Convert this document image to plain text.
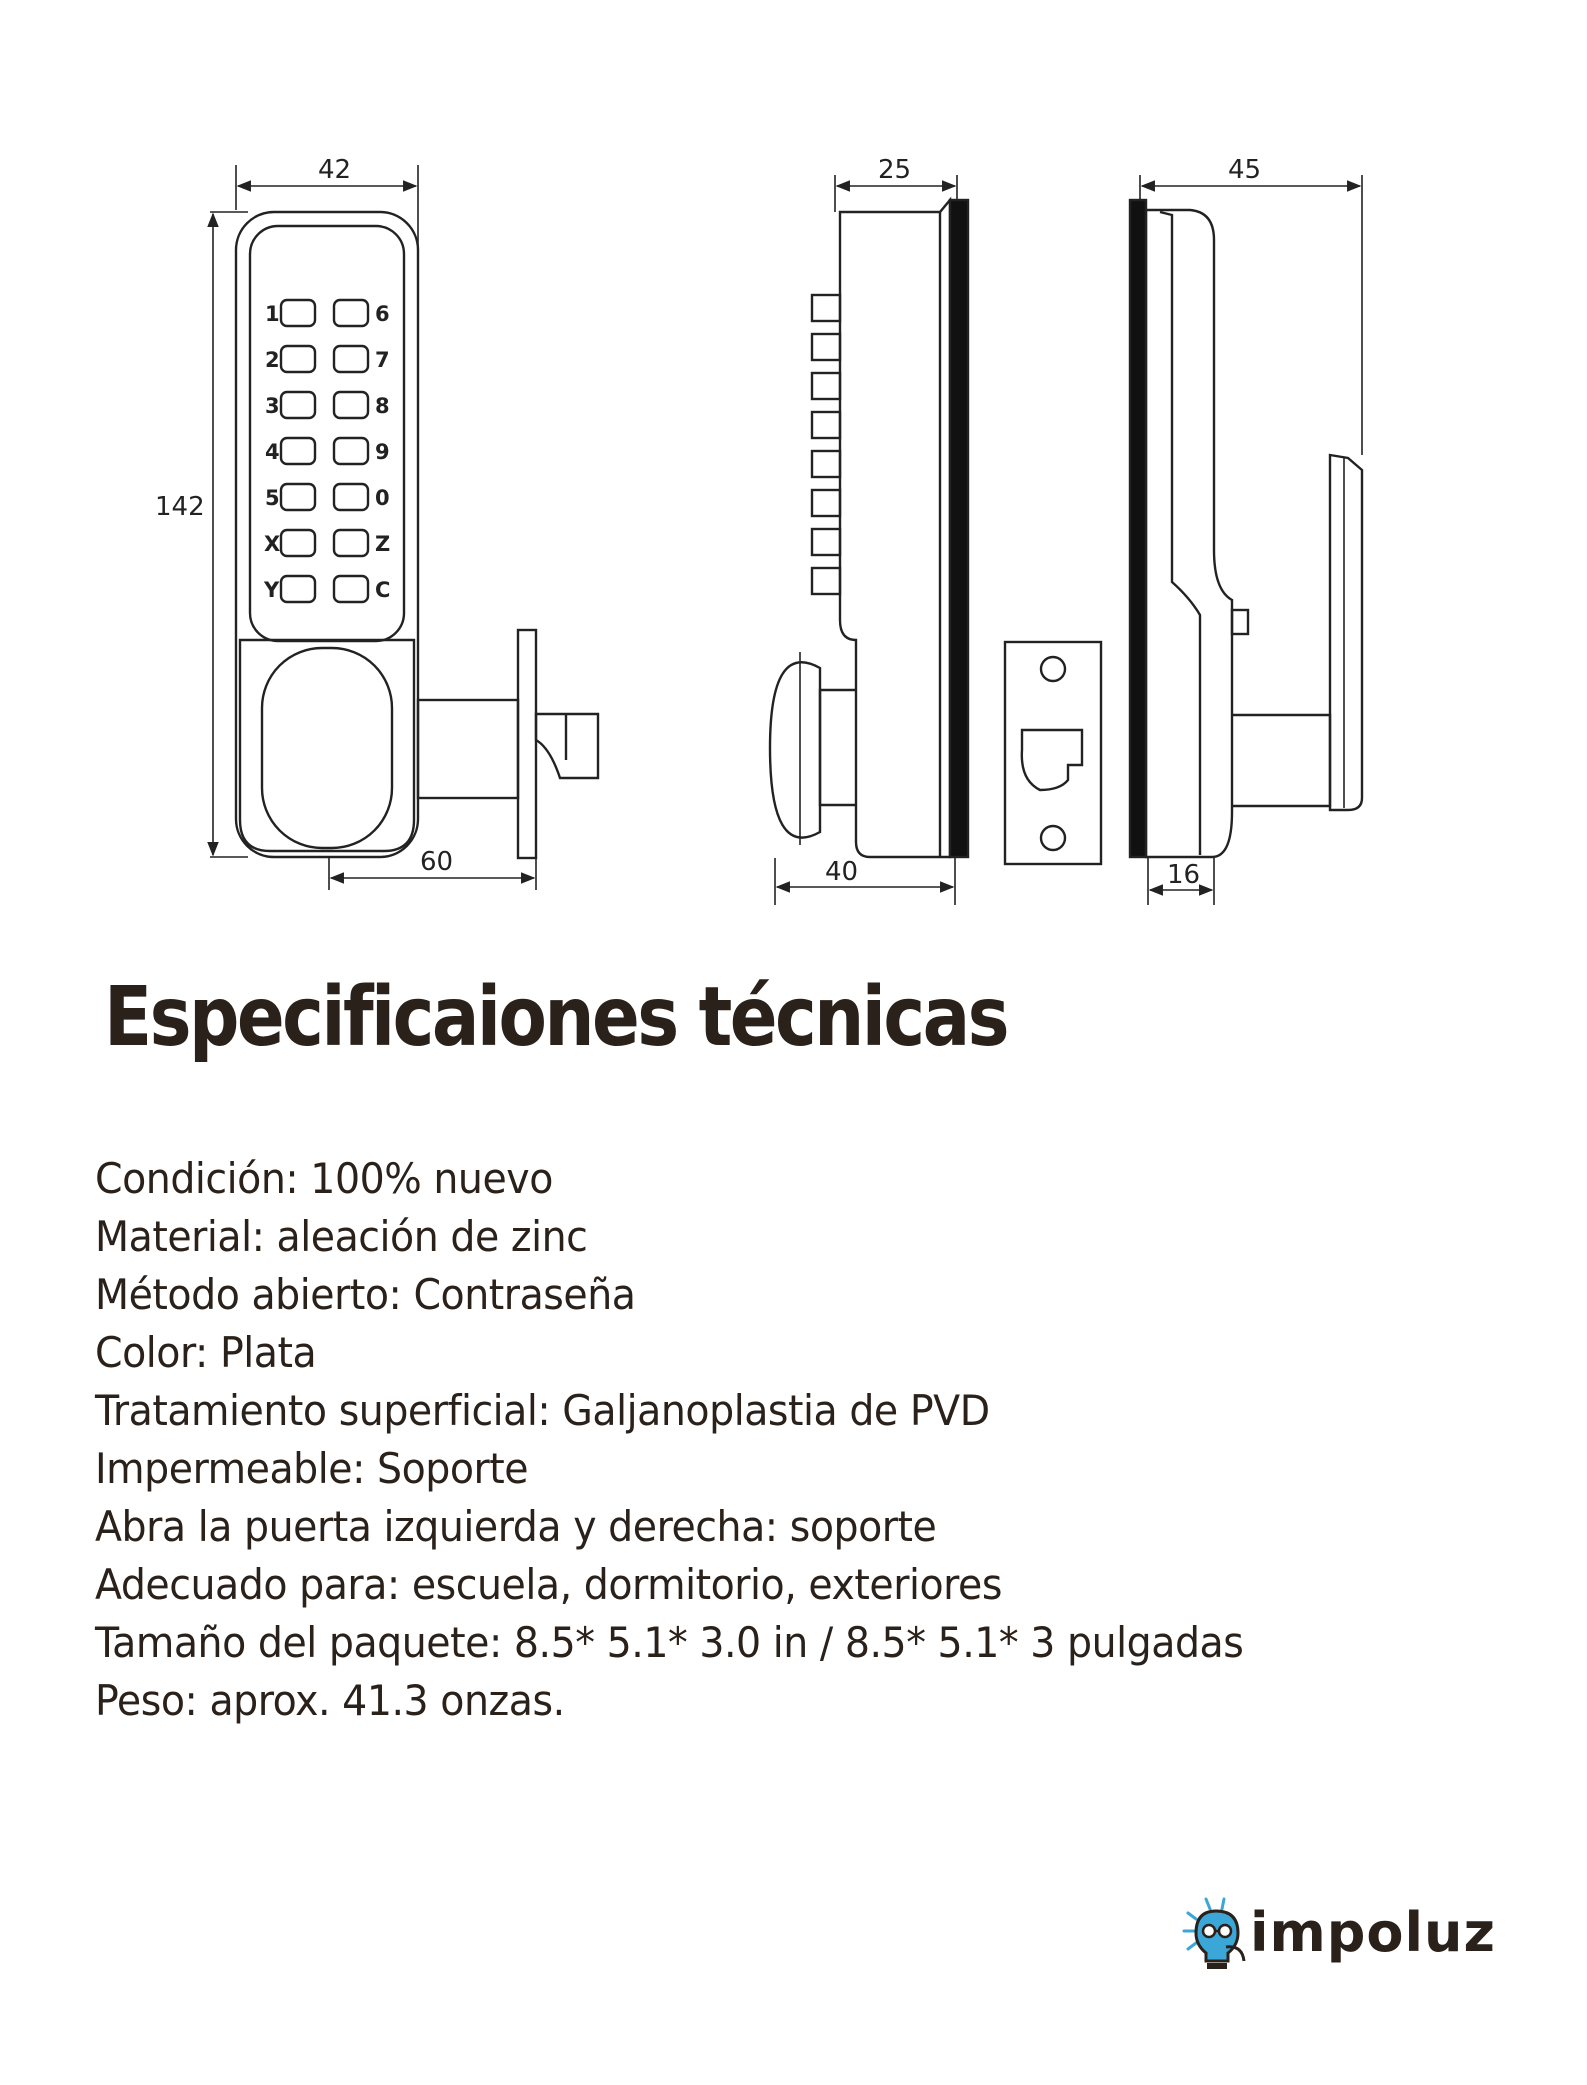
42
142
60
25
40
45
16
1
2
3
4
5
X
Y
6
7
8
9
0
Z
C
Especificaiones técnicas
Condición: 100% nuevo
Material: aleación de zinc
Método abierto: Contraseña
Color: Plata
Tratamiento superficial: Galjanoplastia de PVD
Impermeable: Soporte
Abra la puerta izquierda y derecha: soporte
Adecuado para: escuela, dormitorio, exteriores
Tamaño del paquete: 8.5* 5.1* 3.0 in / 8.5* 5.1* 3 pulgadas
Peso: aprox. 41.3 onzas.
impoluz
